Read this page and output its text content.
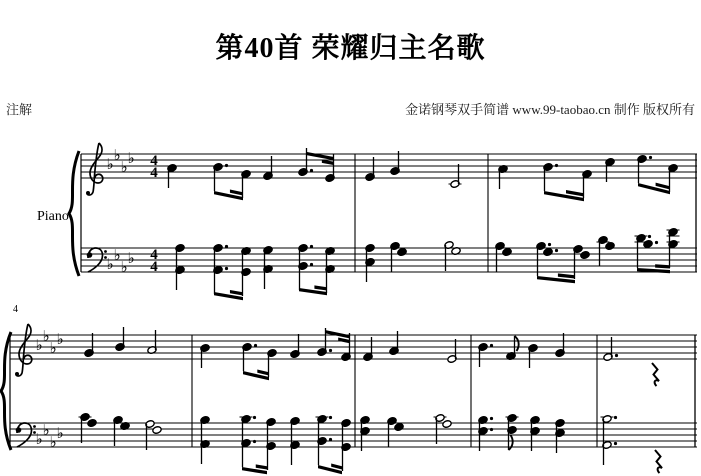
第40首 荣耀归主名歌
注解	金诺钢琴双手简谱 www.99-taobao.cn 制作 版权所有
♭ ♭
♭ ♭ 4
4
♭ ♭
♭ ♭ 4
4
♭ ♭
♭ ♭
♭ ♭
♭ ♭
Piano
4
